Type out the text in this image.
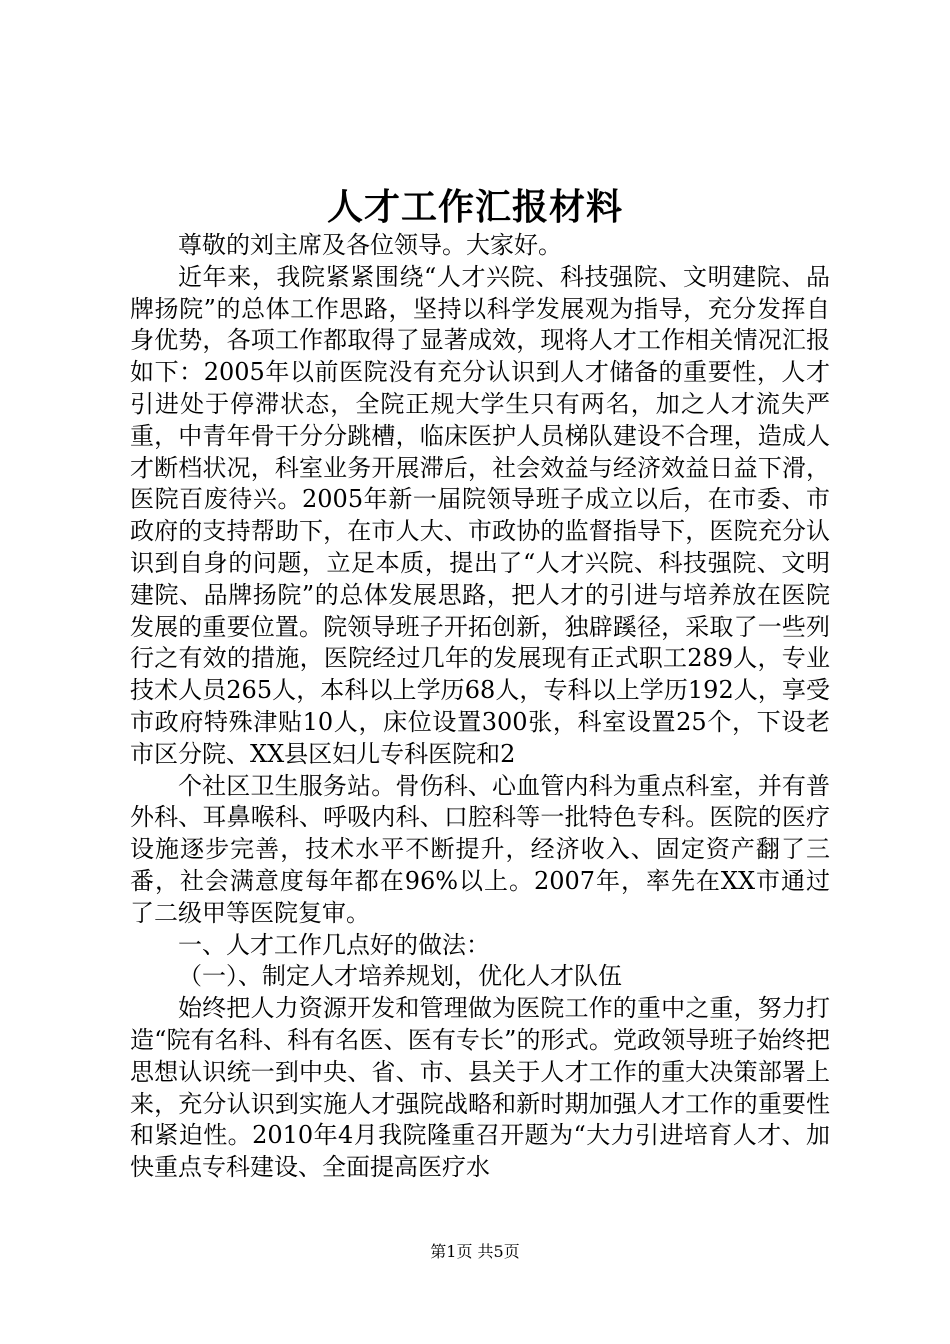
人才工作汇报材料

尊敬的刘主席及各位领导。大家好。

近年来，我院紧紧围绕“人才兴院、科技强院、文明建院、品牌扬院”的总体工作思路，坚持以科学发展观为指导，充分发挥自身优势，各项工作都取得了显著成效，现将人才工作相关情况汇报如下：2005年以前医院没有充分认识到人才储备的重要性，人才引进处于停滞状态，全院正规大学生只有两名，加之人才流失严重，中青年骨干分分跳槽，临床医护人员梯队建设不合理，造成人才断档状况，科室业务开展滞后，社会效益与经济效益日益下滑，医院百废待兴。2005年新一届院领导班子成立以后，在市委、市政府的支持帮助下，在市人大、市政协的监督指导下，医院充分认识到自身的问题，立足本质，提出了“人才兴院、科技强院、文明建院、品牌扬院”的总体发展思路，把人才的引进与培养放在医院发展的重要位置。院领导班子开拓创新，独辟蹊径，采取了一些列行之有效的措施，医院经过几年的发展现有正式职工289人，专业技术人员265人，本科以上学历68人，专科以上学历192人，享受市政府特殊津贴10人，床位设置300张，科室设置25个，下设老市区分院、XX县区妇儿专科医院和2

个社区卫生服务站。骨伤科、心血管内科为重点科室，并有普外科、耳鼻喉科、呼吸内科、口腔科等一批特色专科。医院的医疗设施逐步完善，技术水平不断提升，经济收入、固定资产翻了三番，社会满意度每年都在96%以上。2007年，率先在XX市通过了二级甲等医院复审。

一、人才工作几点好的做法：

（一）、制定人才培养规划，优化人才队伍

始终把人力资源开发和管理做为医院工作的重中之重，努力打造“院有名科、科有名医、医有专长”的形式。党政领导班子始终把思想认识统一到中央、省、市、县关于人才工作的重大决策部署上来，充分认识到实施人才强院战略和新时期加强人才工作的重要性和紧迫性。2010年4月我院隆重召开题为“大力引进培育人才、加快重点专科建设、全面提高医疗水

第1页 共5页
